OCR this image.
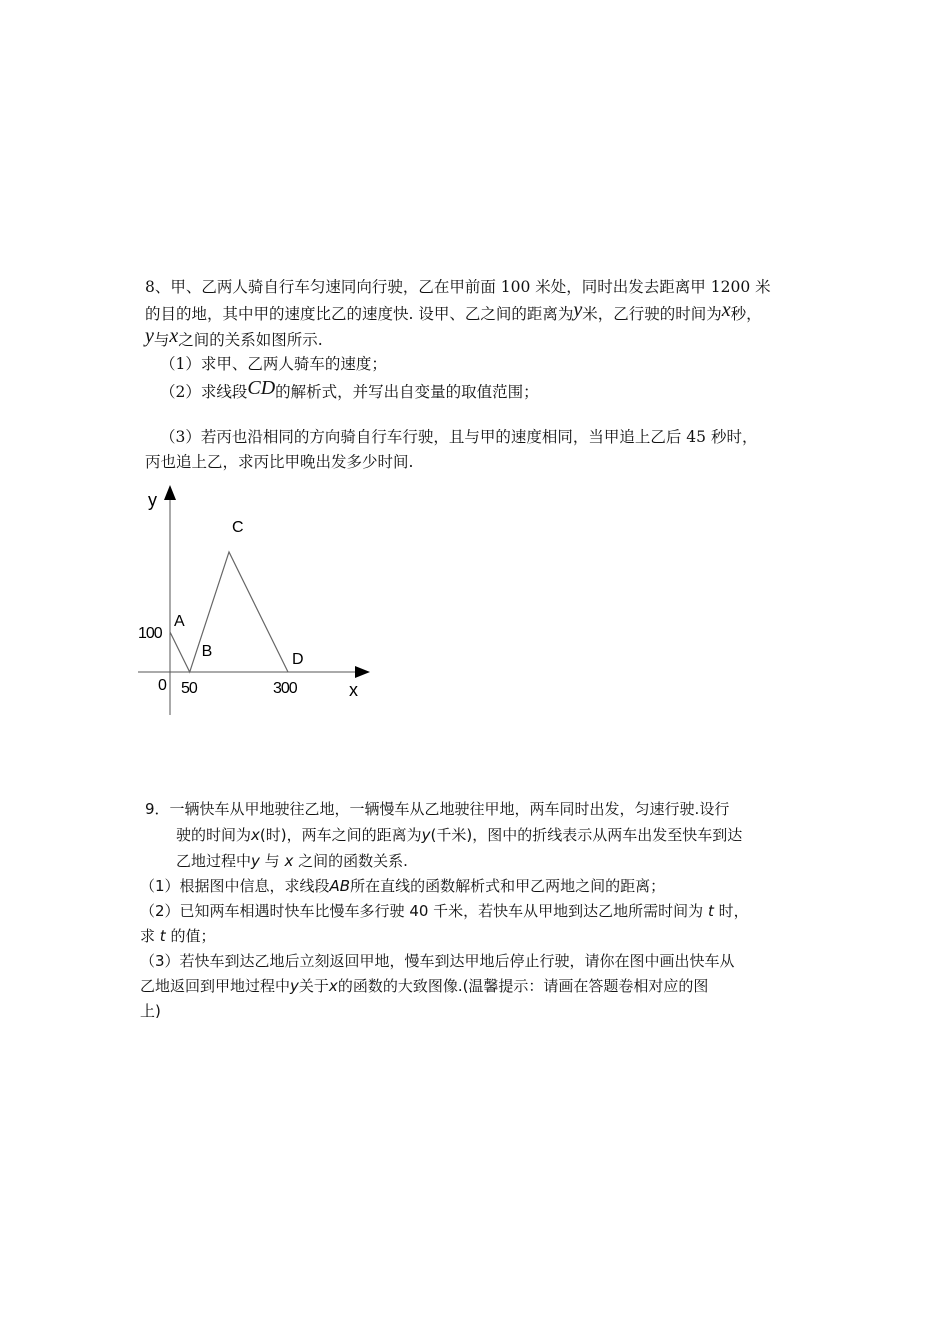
8、甲、乙两人骑自行车匀速同向行驶，乙在甲前面 100 米处，同时出发去距离甲 1200 米
的目的地，其中甲的速度比乙的速度快. 设甲、乙之间的距离为y米，乙行驶的时间为x秒，
y与x之间的关系如图所示.
（1）求甲、乙两人骑车的速度；
（2）求线段CD的解析式，并写出自变量的取值范围；
（3）若丙也沿相同的方向骑自行车行驶，且与甲的速度相同，当甲追上乙后 45 秒时，
丙也追上乙，求丙比甲晚出发多少时间.
y
x
0 50	300
100
A
B
C
D
9．一辆快车从甲地驶往乙地，一辆慢车从乙地驶往甲地，两车同时出发，匀速行驶.设行
驶的时间为x(时)，两车之间的距离为y(千米)，图中的折线表示从两车出发至快车到达
乙地过程中y 与 x 之间的函数关系.
（1）根据图中信息，求线段AB所在直线的函数解析式和甲乙两地之间的距离；
（2）已知两车相遇时快车比慢车多行驶 40 千米，若快车从甲地到达乙地所需时间为 t 时，
求 t 的值；
（3）若快车到达乙地后立刻返回甲地，慢车到达甲地后停止行驶，请你在图中画出快车从
乙地返回到甲地过程中y关于x的函数的大致图像.(温馨提示：请画在答题卷相对应的图
上)
